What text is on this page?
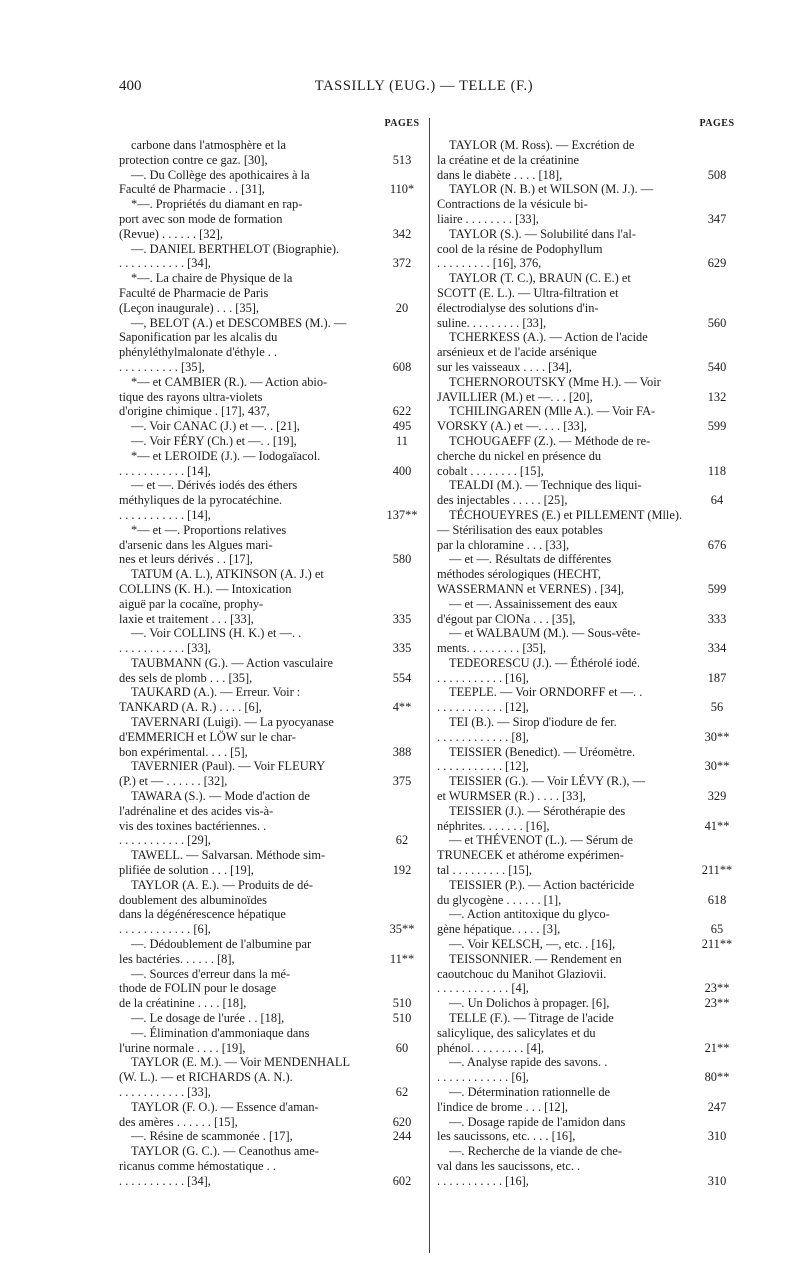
400	TASSILLY (EUG.) — TELLE (F.)
PAGES
carbone dans l'atmosphère et la
protection contre ce gaz. [30],	513
—. Du Collège des apothicaires à la
Faculté de Pharmacie . . [31],	110*
*—. Propriétés du diamant en rap-
port avec son mode de formation
(Revue) . . . . . . [32],	342
—. DANIEL BERTHELOT (Biographie).
. . . . . . . . . . . [34],	372
*—. La chaire de Physique de la
Faculté de Pharmacie de Paris
(Leçon inaugurale) . . . [35],	20
—, BELOT (A.) et DESCOMBES (M.). —
Saponification par les alcalis du
phényléthylmalonate d'éthyle . .
. . . . . . . . . . [35],	608
*— et CAMBIER (R.). — Action abio-
tique des rayons ultra-violets
d'origine chimique . [17], 437,	622
—. Voir CANAC (J.) et —. . [21],	495
—. Voir FÉRY (Ch.) et —. . [19],	11
*— et LEROIDE (J.). — Iodogaïacol.
. . . . . . . . . . . [14],	400
— et —. Dérivés iodés des éthers
méthyliques de la pyrocatéchine.
. . . . . . . . . . . [14],	137**
*— et —. Proportions relatives
d'arsenic dans les Algues mari-
nes et leurs dérivés . . [17],	580
TATUM (A. L.), ATKINSON (A. J.) et
COLLINS (K. H.). — Intoxication
aiguë par la cocaïne, prophy-
laxie et traitement . . . [33],	335
—. Voir COLLINS (H. K.) et —. .
. . . . . . . . . . . [33],	335
TAUBMANN (G.). — Action vasculaire
des sels de plomb . . . [35],	554
TAUKARD (A.). — Erreur. Voir :
TANKARD (A. R.) . . . . [6],	4**
TAVERNARI (Luigi). — La pyocyanase
d'EMMERICH et LÖW sur le char-
bon expérimental. . . . [5],	388
TAVERNIER (Paul). — Voir FLEURY
(P.) et — . . . . . . [32],	375
TAWARA (S.). — Mode d'action de
l'adrénaline et des acides vis-à-
vis des toxines bactériennes. .
. . . . . . . . . . . [29],	62
TAWELL. — Salvarsan. Méthode sim-
plifiée de solution . . . [19],	192
TAYLOR (A. E.). — Produits de dé-
doublement des albuminoïdes
dans la dégénérescence hépatique
. . . . . . . . . . . . [6],	35**
—. Dédoublement de l'albumine par
les bactéries. . . . . . [8],	11**
—. Sources d'erreur dans la mé-
thode de FOLIN pour le dosage
de la créatinine . . . . [18],	510
—. Le dosage de l'urée . . [18],	510
—. Élimination d'ammoniaque dans
l'urine normale . . . . [19],	60
TAYLOR (E. M.). — Voir MENDENHALL
(W. L.). — et RICHARDS (A. N.).
. . . . . . . . . . . [33],	62
TAYLOR (F. O.). — Essence d'aman-
des amères . . . . . . [15],	620
—. Résine de scammonée . [17],	244
TAYLOR (G. C.). — Ceanothus ame-
ricanus comme hémostatique . .
. . . . . . . . . . . [34],	602
PAGES
TAYLOR (M. Ross). — Excrétion de
la créatine et de la créatinine
dans le diabète . . . . [18],	508
TAYLOR (N. B.) et WILSON (M. J.). —
Contractions de la vésicule bi-
liaire . . . . . . . . [33],	347
TAYLOR (S.). — Solubilité dans l'al-
cool de la résine de Podophyllum
. . . . . . . . . [16], 376,	629
TAYLOR (T. C.), BRAUN (C. E.) et
SCOTT (E. L.). — Ultra-filtration et
électrodialyse des solutions d'in-
suline. . . . . . . . . [33],	560
TCHERKESS (A.). — Action de l'acide
arsénieux et de l'acide arsénique
sur les vaisseaux . . . . [34],	540
TCHERNOROUTSKY (Mme H.). — Voir
JAVILLIER (M.) et —. . . [20],	132
TCHILINGAREN (Mlle A.). — Voir FA-
VORSKY (A.) et —. . . . [33],	599
TCHOUGAEFF (Z.). — Méthode de re-
cherche du nickel en présence du
cobalt . . . . . . . . [15],	118
TEALDI (M.). — Technique des liqui-
des injectables . . . . . [25],	64
TÉCHOUEYRES (E.) et PILLEMENT (Mlle).
— Stérilisation des eaux potables
par la chloramine . . . [33],	676
— et —. Résultats de différentes
méthodes sérologiques (HECHT,
WASSERMANN et VERNES) . [34],	599
— et —. Assainissement des eaux
d'égout par ClONa . . . [35],	333
— et WALBAUM (M.). — Sous-vête-
ments. . . . . . . . . [35],	334
TEDEORESCU (J.). — Éthérolé iodé.
. . . . . . . . . . . [16],	187
TEEPLE. — Voir ORNDORFF et —. .
. . . . . . . . . . . [12],	56
TEI (B.). — Sirop d'iodure de fer.
. . . . . . . . . . . . [8],	30**
TEISSIER (Benedict). — Uréomètre.
. . . . . . . . . . . [12],	30**
TEISSIER (G.). — Voir LÉVY (R.), —
et WURMSER (R.) . . . . [33],	329
TEISSIER (J.). — Sérothérapie des
néphrites. . . . . . . [16],	41**
— et THÉVENOT (L.). — Sérum de
TRUNECEK et athérome expérimen-
tal . . . . . . . . . [15],	211**
TEISSIER (P.). — Action bactéricide
du glycogène . . . . . . [1],	618
—. Action antitoxique du glyco-
gène hépatique. . . . . [3],	65
—. Voir KELSCH, —, etc. . [16],	211**
TEISSONNIER. — Rendement en
caoutchouc du Manihot Glaziovii.
. . . . . . . . . . . . [4],	23**
—. Un Dolichos à propager. [6],	23**
TELLE (F.). — Titrage de l'acide
salicylique, des salicylates et du
phénol. . . . . . . . . [4],	21**
—. Analyse rapide des savons. .
. . . . . . . . . . . . [6],	80**
—. Détermination rationnelle de
l'indice de brome . . . [12],	247
—. Dosage rapide de l'amidon dans
les saucissons, etc. . . . [16],	310
—. Recherche de la viande de che-
val dans les saucissons, etc. .
. . . . . . . . . . . [16],	310
